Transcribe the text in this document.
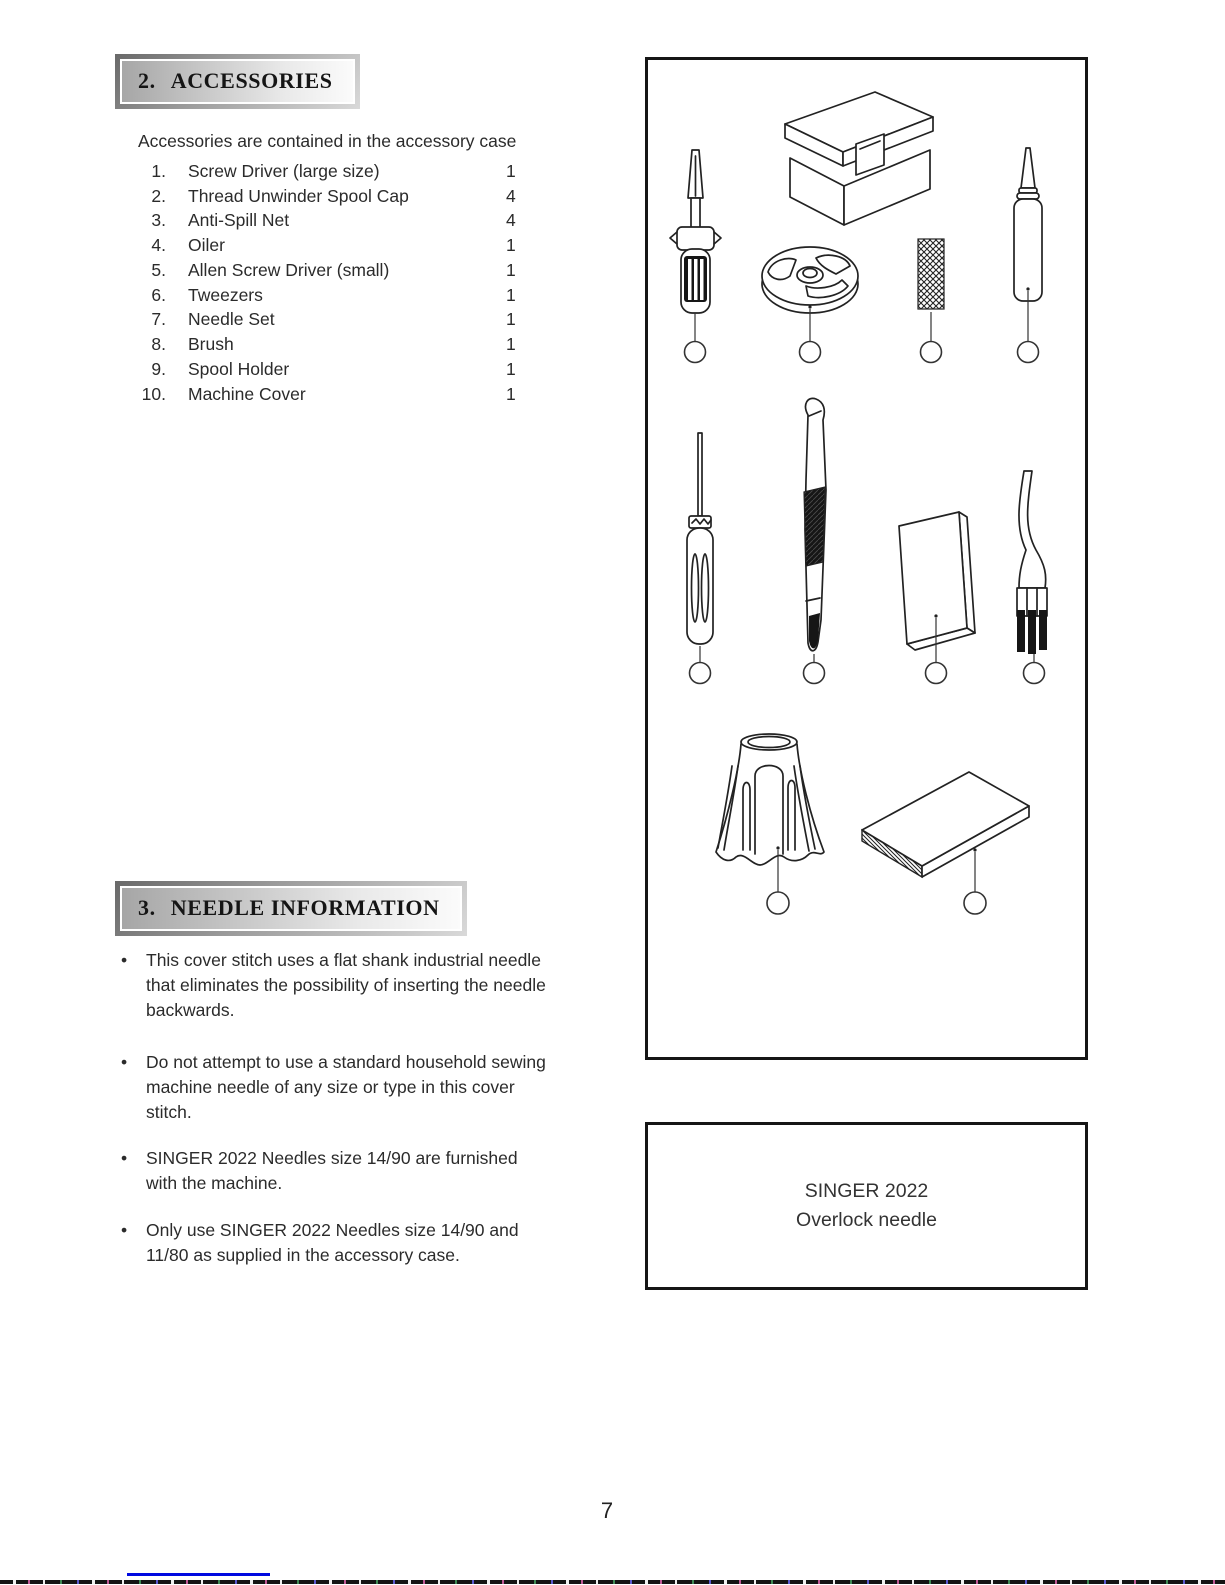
2. ACCESSORIES
Accessories are contained in the accessory case
1. Screw Driver (large size)	1
2. Thread Unwinder Spool Cap	4
3. Anti-Spill Net	4
4. Oiler	1
5. Allen Screw Driver (small)	1
6. Tweezers	1
7. Needle Set	1
8. Brush	1
9. Spool Holder	1
10. Machine Cover	1
3. NEEDLE INFORMATION
•	This cover stitch uses a flat shank industrial needle
that eliminates the possibility of inserting the needle
backwards.
•	Do not attempt to use a standard household sewing
machine needle of any size or type in this cover
stitch.
•	SINGER 2022 Needles size 14/90 are furnished
with the machine.
•	Only use SINGER 2022 Needles size 14/90 and
11/80 as supplied in the accessory case.
SINGER 2022
Overlock needle
7
